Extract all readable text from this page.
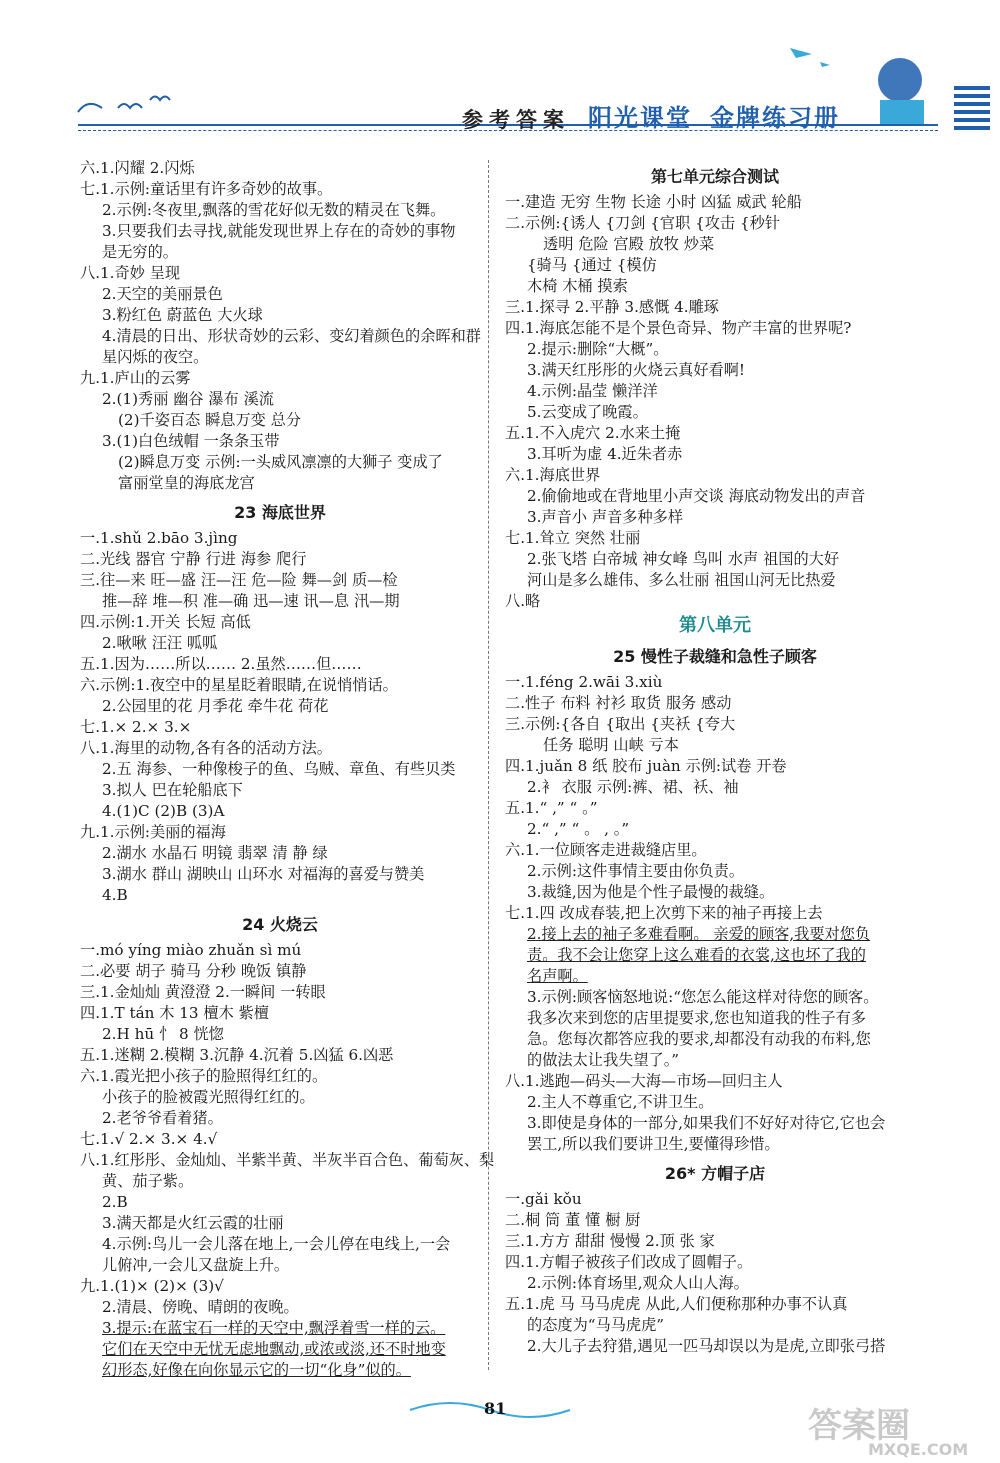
参考答案 阳光课堂 金牌练习册
六.1.闪耀 2.闪烁
七.1.示例:童话里有许多奇妙的故事。
2.示例:冬夜里,飘落的雪花好似无数的精灵在飞舞。
3.只要我们去寻找,就能发现世界上存在的奇妙的事物
是无穷的。
八.1.奇妙 呈现
2.天空的美丽景色
3.粉红色 蔚蓝色 大火球
4.清晨的日出、形状奇妙的云彩、变幻着颜色的余晖和群
星闪烁的夜空。
九.1.庐山的云雾
2.(1)秀丽 幽谷 瀑布 溪流
(2)千姿百态 瞬息万变 总分
3.(1)白色绒帽 一条条玉带
(2)瞬息万变 示例:一头威风凛凛的大狮子 变成了
富丽堂皇的海底龙宫
23 海底世界
一.1.shǔ 2.bāo 3.jìng
二.光线 器官 宁静 行进 海参 爬行
三.往—来 旺—盛 汪—汪 危—险 舞—剑 质—检
推—辞 堆—积 准—确 迅—速 讯—息 汛—期
四.示例:1.开关 长短 高低
2.啾啾 汪汪 呱呱
五.1.因为……所以…… 2.虽然……但……
六.示例:1.夜空中的星星眨着眼睛,在说悄悄话。
2.公园里的花 月季花 牵牛花 荷花
七.1.× 2.× 3.×
八.1.海里的动物,各有各的活动方法。
2.五 海参、一种像梭子的鱼、乌贼、章鱼、有些贝类
3.拟人 巴在轮船底下
4.(1)C (2)B (3)A
九.1.示例:美丽的福海
2.湖水 水晶石 明镜 翡翠 清 静 绿
3.湖水 群山 湖映山 山环水 对福海的喜爱与赞美
4.B
24 火烧云
一.mó yíng miào zhuǎn sì mú
二.必要 胡子 骑马 分秒 晚饭 镇静
三.1.金灿灿 黄澄澄 2.一瞬间 一转眼
四.1.T tán 木 13 檀木 紫檀
2.H hū 忄 8 恍惚
五.1.迷糊 2.模糊 3.沉静 4.沉着 5.凶猛 6.凶恶
六.1.霞光把小孩子的脸照得红红的。
小孩子的脸被霞光照得红红的。
2.老爷爷看着猪。
七.1.√ 2.× 3.× 4.√
八.1.红彤彤、金灿灿、半紫半黄、半灰半百合色、葡萄灰、梨
黄、茄子紫。
2.B
3.满天都是火红云霞的壮丽
4.示例:鸟儿一会儿落在地上,一会儿停在电线上,一会
儿俯冲,一会儿又盘旋上升。
九.1.(1)× (2)× (3)√
2.清晨、傍晚、晴朗的夜晚。
3.提示:在蓝宝石一样的天空中,飘浮着雪一样的云。
它们在天空中无忧无虑地飘动,或浓或淡,还不时地变
幻形态,好像在向你显示它的一切“化身”似的。
第七单元综合测试
一.建造 无穷 生物 长途 小时 凶猛 威武 轮船
二.示例:{诱人 {刀剑 {官职 {攻击 {秒针
透明 危险 宫殿 放牧 炒菜
{骑马 {通过 {模仿
木椅 木桶 摸索
三.1.探寻 2.平静 3.感慨 4.雕琢
四.1.海底怎能不是个景色奇异、物产丰富的世界呢?
2.提示:删除“大概”。
3.满天红彤彤的火烧云真好看啊!
4.示例:晶莹 懒洋洋
5.云变成了晚霞。
五.1.不入虎穴 2.水来土掩
3.耳听为虚 4.近朱者赤
六.1.海底世界
2.偷偷地或在背地里小声交谈 海底动物发出的声音
3.声音小 声音多种多样
七.1.耸立 突然 壮丽
2.张飞塔 白帝城 神女峰 鸟叫 水声 祖国的大好
河山是多么雄伟、多么壮丽 祖国山河无比热爱
八.略
第八单元
25 慢性子裁缝和急性子顾客
一.1.féng 2.wāi 3.xiù
二.性子 布料 衬衫 取货 服务 感动
三.示例:{各自 {取出 {夹袄 {夸大
任务 聪明 山峡 亏本
四.1.juǎn 8 纸 胶布 juàn 示例:试卷 开卷
2.衤 衣服 示例:裤、裙、袄、袖
五.1.“ ,” “ 。”
2.“ ,” “ 。 , 。”
六.1.一位顾客走进裁缝店里。
2.示例:这件事情主要由你负责。
3.裁缝,因为他是个性子最慢的裁缝。
七.1.四 改成春装,把上次剪下来的袖子再接上去
2.接上去的袖子多难看啊。 亲爱的顾客,我要对您负
责。我不会让您穿上这么难看的衣裳,这也坏了我的
名声啊。
3.示例:顾客恼怒地说:“您怎么能这样对待您的顾客。
我多次来到您的店里提要求,您也知道我的性子有多
急。您每次都答应我的要求,却都没有动我的布料,您
的做法太让我失望了。”
八.1.逃跑—码头—大海—市场—回归主人
2.主人不尊重它,不讲卫生。
3.即使是身体的一部分,如果我们不好好对待它,它也会
罢工,所以我们要讲卫生,要懂得珍惜。
26* 方帽子店
一.gǎi kǒu
二.桐 筒 董 懂 橱 厨
三.1.方方 甜甜 慢慢 2.顶 张 家
四.1.方帽子被孩子们改成了圆帽子。
2.示例:体育场里,观众人山人海。
五.1.虎 马 马马虎虎 从此,人们便称那种办事不认真
的态度为“马马虎虎”
2.大儿子去狩猎,遇见一匹马却误以为是虎,立即张弓搭
81	答案圈
MXQE.COM
